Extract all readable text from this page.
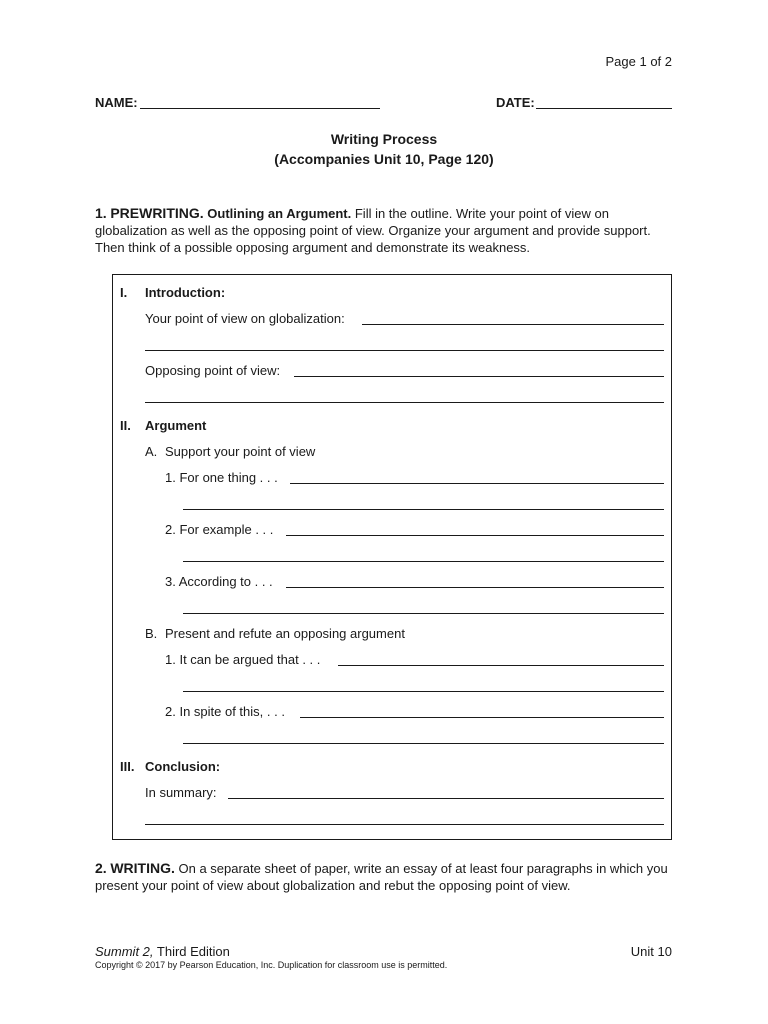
Page 1 of 2
NAME:	DATE:
Writing Process
(Accompanies Unit 10, Page 120)
1. PREWRITING. Outlining an Argument. Fill in the outline. Write your point of view on globalization as well as the opposing point of view. Organize your argument and provide support. Then think of a possible opposing argument and demonstrate its weakness.
I. Introduction:
Your point of view on globalization:
Opposing point of view:
II. Argument
A. Support your point of view
1. For one thing . . .
2. For example . . .
3. According to . . .
B. Present and refute an opposing argument
1. It can be argued that . . .
2. In spite of this, . . .
III. Conclusion:
In summary:
2. WRITING. On a separate sheet of paper, write an essay of at least four paragraphs in which you present your point of view about globalization and rebut the opposing point of view.
Summit 2, Third Edition
Copyright © 2017 by Pearson Education, Inc. Duplication for classroom use is permitted.
Unit 10
